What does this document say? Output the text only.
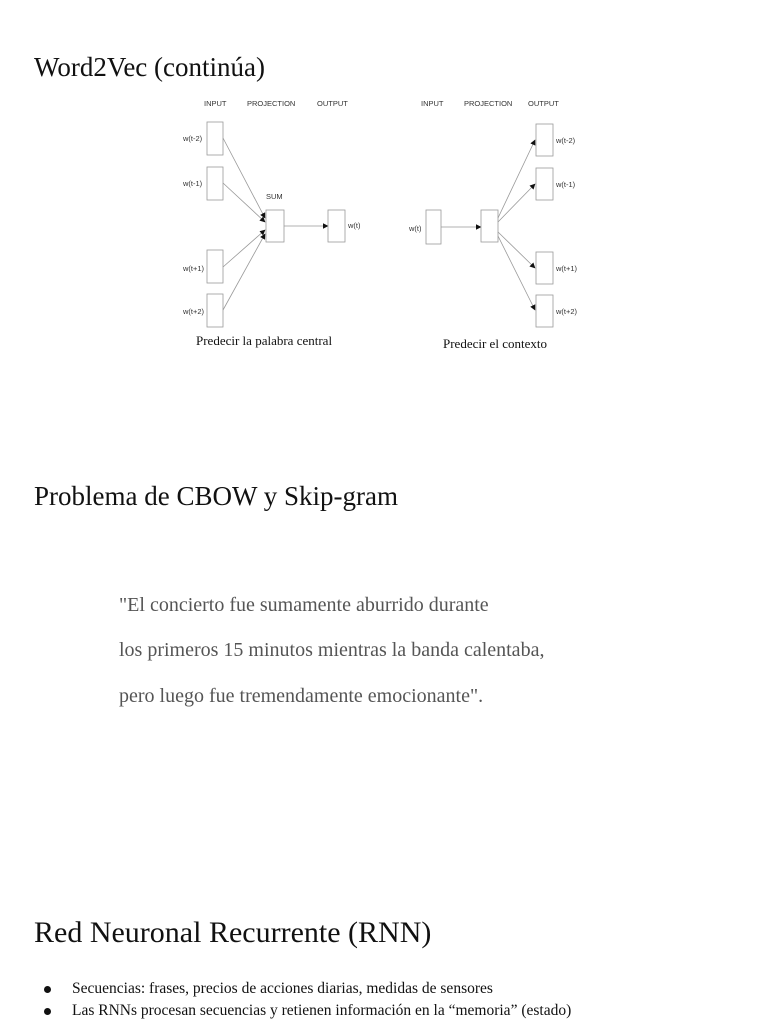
Word2Vec (continúa)
INPUT	PROJECTION	OUTPUT
w(t-2)
w(t-1)
w(t+1)
w(t+2)
SUM
w(t)
INPUT	PROJECTION OUTPUT
w(t)
w(t-2)
w(t-1)
w(t+1)
w(t+2)
Predecir la palabra central	Predecir el contexto
Problema de CBOW y Skip-gram
"El concierto fue sumamente aburrido durante
los primeros 15 minutos mientras la banda calentaba,
pero luego fue tremendamente emocionante".
Red Neuronal Recurrente (RNN)
Secuencias: frases, precios de acciones diarias, medidas de sensores
Las RNNs procesan secuencias y retienen información en la “memoria” (estado)
